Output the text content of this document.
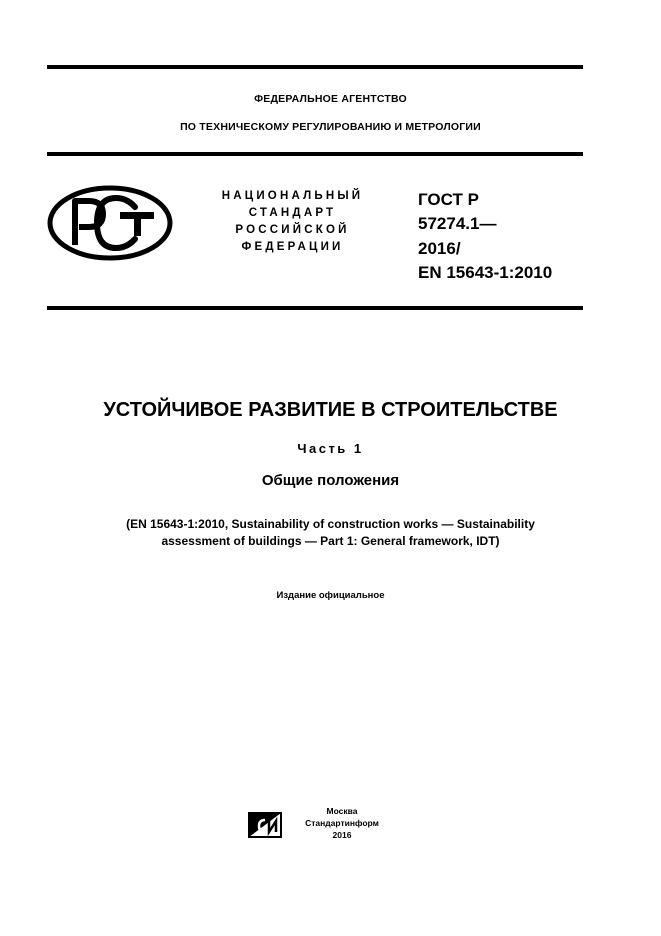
ФЕДЕРАЛЬНОЕ АГЕНТСТВО
ПО ТЕХНИЧЕСКОМУ РЕГУЛИРОВАНИЮ И МЕТРОЛОГИИ
НАЦИОНАЛЬНЫЙ
СТАНДАРТ
РОССИЙСКОЙ
ФЕДЕРАЦИИ
ГОСТ Р
57274.1—
2016/
EN 15643-1:2010
УСТОЙЧИВОЕ РАЗВИТИЕ В СТРОИТЕЛЬСТВЕ
Часть 1
Общие положения
(EN 15643-1:2010, Sustainability of construction works — Sustainability
assessment of buildings — Part 1: General framework, IDT)
Издание официальное
Москва
Стандартинформ
2016
